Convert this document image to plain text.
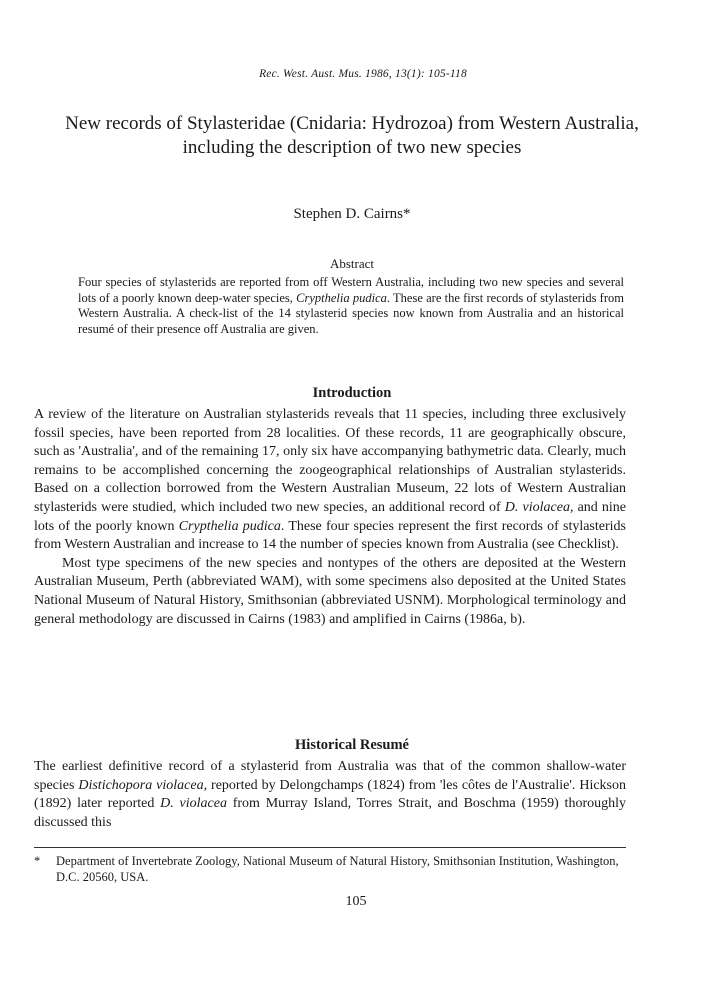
Rec. West. Aust. Mus. 1986, 13(1): 105-118
New records of Stylasteridae (Cnidaria: Hydrozoa) from Western Australia, including the description of two new species
Stephen D. Cairns*
Abstract
Four species of stylasterids are reported from off Western Australia, including two new species and several lots of a poorly known deep-water species, Crypthelia pudica. These are the first records of stylasterids from Western Australia. A check-list of the 14 stylasterid species now known from Australia and an historical resumé of their presence off Australia are given.
Introduction

A review of the literature on Australian stylasterids reveals that 11 species, including three exclusively fossil species, have been reported from 28 localities. Of these records, 11 are geographically obscure, such as 'Australia', and of the remaining 17, only six have accompanying bathymetric data. Clearly, much remains to be accomplished concerning the zoogeographical relationships of Australian stylasterids. Based on a collection borrowed from the Western Australian Museum, 22 lots of Western Australian stylasterids were studied, which included two new species, an additional record of D. violacea, and nine lots of the poorly known Crypthelia pudica. These four species represent the first records of stylasterids from Western Australian and increase to 14 the number of species known from Australia (see Checklist).

Most type specimens of the new species and nontypes of the others are deposited at the Western Australian Museum, Perth (abbreviated WAM), with some specimens also deposited at the United States National Museum of Natural History, Smithsonian (abbreviated USNM). Morphological terminology and general methodology are discussed in Cairns (1983) and amplified in Cairns (1986a, b).

Historical Resumé

The earliest definitive record of a stylasterid from Australia was that of the common shallow-water species Distichopora violacea, reported by Delongchamps (1824) from 'les côtes de l'Australie'. Hickson (1892) later reported D. violacea from Murray Island, Torres Strait, and Boschma (1959) thoroughly discussed this

* Department of Invertebrate Zoology, National Museum of Natural History, Smithsonian Institution, Washington, D.C. 20560, USA.
105
